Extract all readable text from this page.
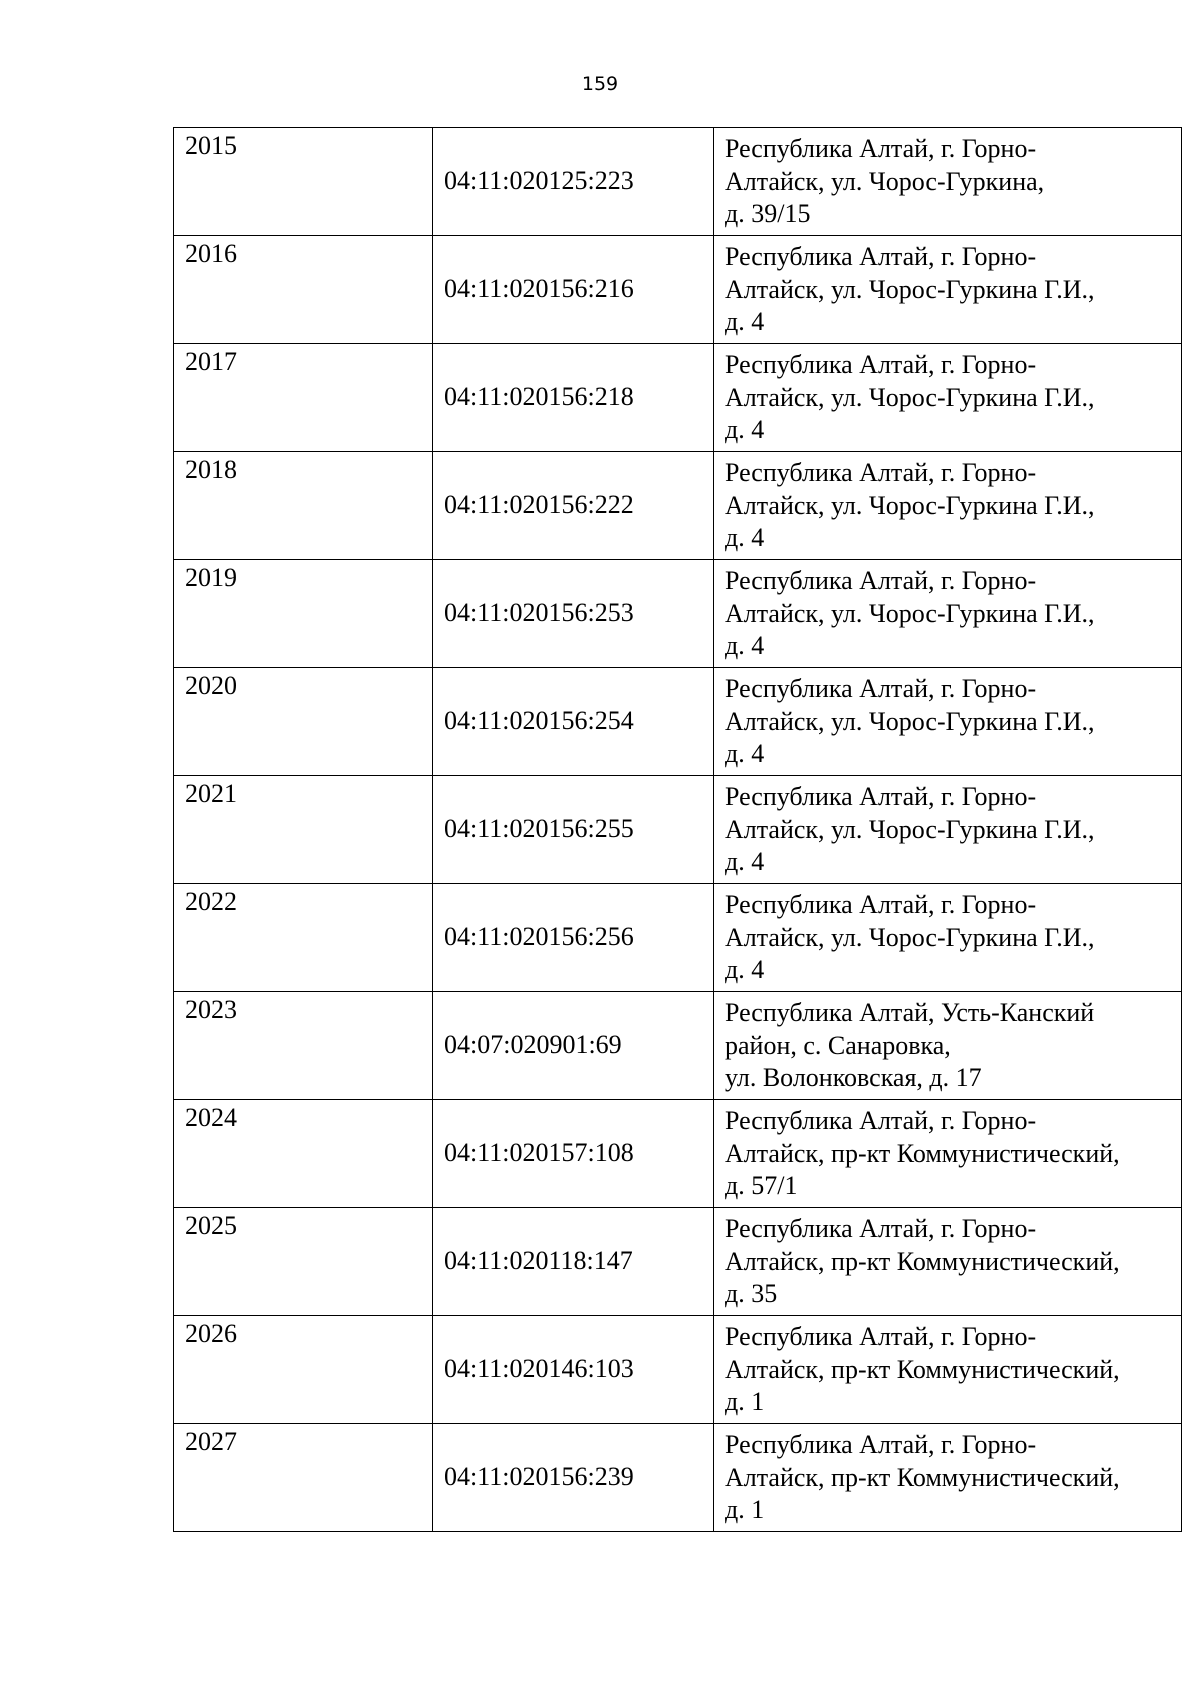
159
2015	04:11:020125:223	Республика Алтай, г. Горно-
Алтайск, ул. Чорос-Гуркина,
д. 39/15

2016	04:11:020156:216	Республика Алтай, г. Горно-
Алтайск, ул. Чорос-Гуркина Г.И.,
д. 4

2017	04:11:020156:218	Республика Алтай, г. Горно-
Алтайск, ул. Чорос-Гуркина Г.И.,
д. 4

2018	04:11:020156:222	Республика Алтай, г. Горно-
Алтайск, ул. Чорос-Гуркина Г.И.,
д. 4

2019	04:11:020156:253	Республика Алтай, г. Горно-
Алтайск, ул. Чорос-Гуркина Г.И.,
д. 4

2020	04:11:020156:254	Республика Алтай, г. Горно-
Алтайск, ул. Чорос-Гуркина Г.И.,
д. 4

2021	04:11:020156:255	Республика Алтай, г. Горно-
Алтайск, ул. Чорос-Гуркина Г.И.,
д. 4

2022	04:11:020156:256	Республика Алтай, г. Горно-
Алтайск, ул. Чорос-Гуркина Г.И.,
д. 4

2023	04:07:020901:69	Республика Алтай, Усть-Канский
район, с. Санаровка,
ул. Волонковская, д. 17

2024	04:11:020157:108	Республика Алтай, г. Горно-
Алтайск, пр-кт Коммунистический,
д. 57/1

2025	04:11:020118:147	Республика Алтай, г. Горно-
Алтайск, пр-кт Коммунистический,
д. 35

2026	04:11:020146:103	Республика Алтай, г. Горно-
Алтайск, пр-кт Коммунистический,
д. 1

2027	04:11:020156:239	Республика Алтай, г. Горно-
Алтайск, пр-кт Коммунистический,
д. 1
